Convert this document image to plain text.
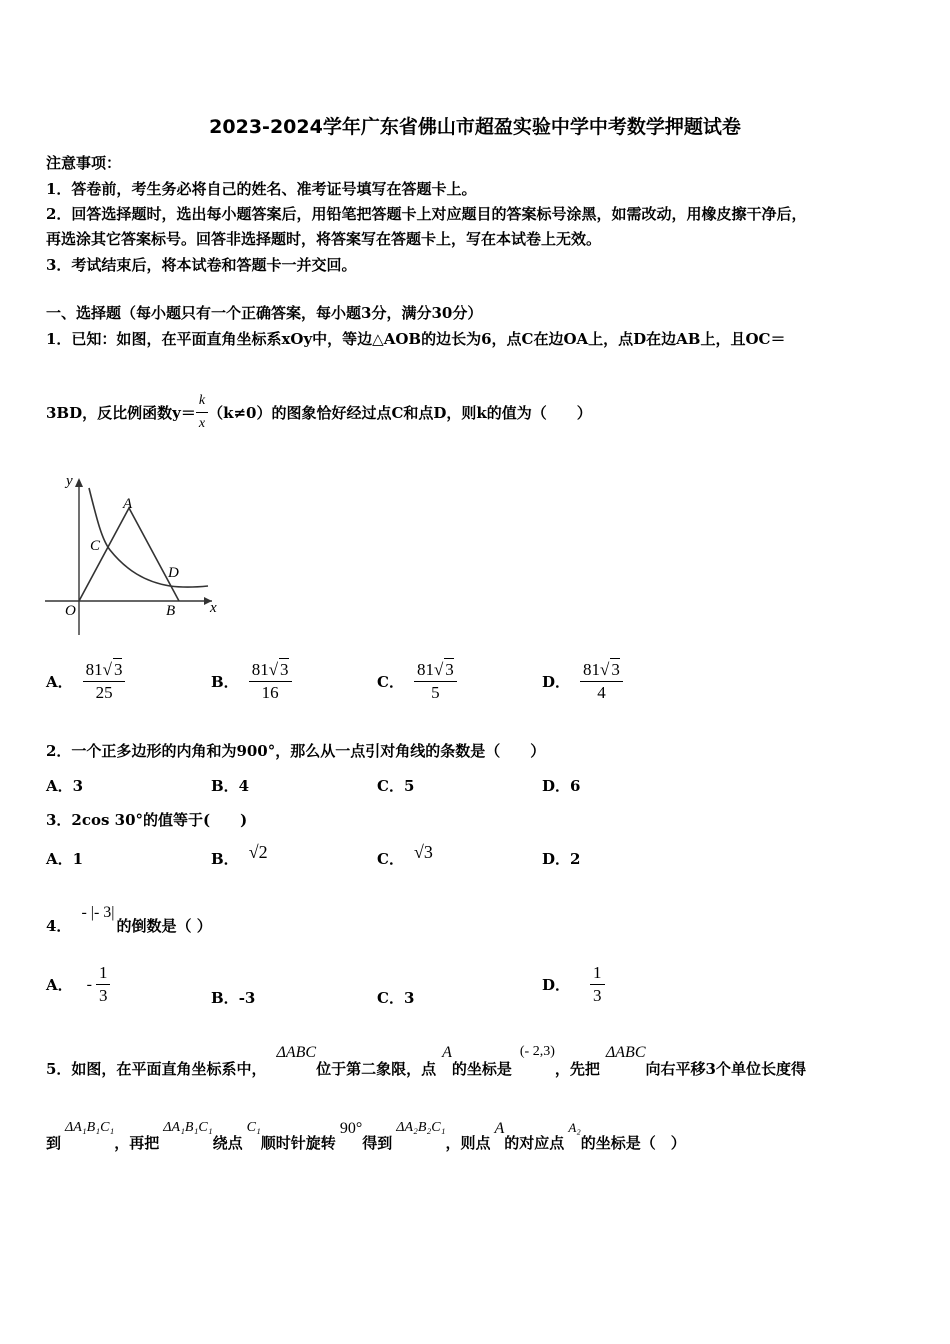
2023-2024学年广东省佛山市超盈实验中学中考数学押题试卷
注意事项：
1．答卷前，考生务必将自己的姓名、准考证号填写在答题卡上。
2．回答选择题时，选出每小题答案后，用铅笔把答题卡上对应题目的答案标号涂黑，如需改动，用橡皮擦干净后，
再选涂其它答案标号。回答非选择题时，将答案写在答题卡上，写在本试卷上无效。
3．考试结束后，将本试卷和答题卡一并交回。
一、选择题（每小题只有一个正确答案，每小题3分，满分30分）
1．已知：如图，在平面直角坐标系xOy中，等边△AOB的边长为6，点C在边OA上，点D在边AB上，且OC＝
3BD，反比例函数$y= \frac{k}{x} (k\ne 0)$的图象恰好经过点C和点D，则k的值为（　　）
y
x
O
A
B
C
D
A． $\frac{81√ 3}{25}$	B． $\frac{81√ 3}{16}$	C． $\frac{81√ 3}{5}$	D． $\frac{81√ 3}{4}$
2．一个正多边形的内角和为900°，那么从一点引对角线的条数是（　　）
A．3	B．4	C．5	D．6
3．2cos 30°的值等于(　　)
A． 1	B． √2	C． √3	D． 2
4．
- |- 3|
的倒数是（ ）
A． - $\frac{1}{3}$	B． -3	C． 3
D． $\frac{1}{3}$
5．如图，在平面直角坐标系中，
ΔABC
位于第二象限，点
A
的坐标是
(- 2,3)
，先把
ΔABC
向右平移3个单位长度得
到
ΔA₁B₁C₁
，再把
ΔA₁B₁C₁
绕点
C₁
顺时针旋转
90°
得到
ΔA₂B₂C₁
，则点
A
的对应点
A₂
的坐标是（　）
